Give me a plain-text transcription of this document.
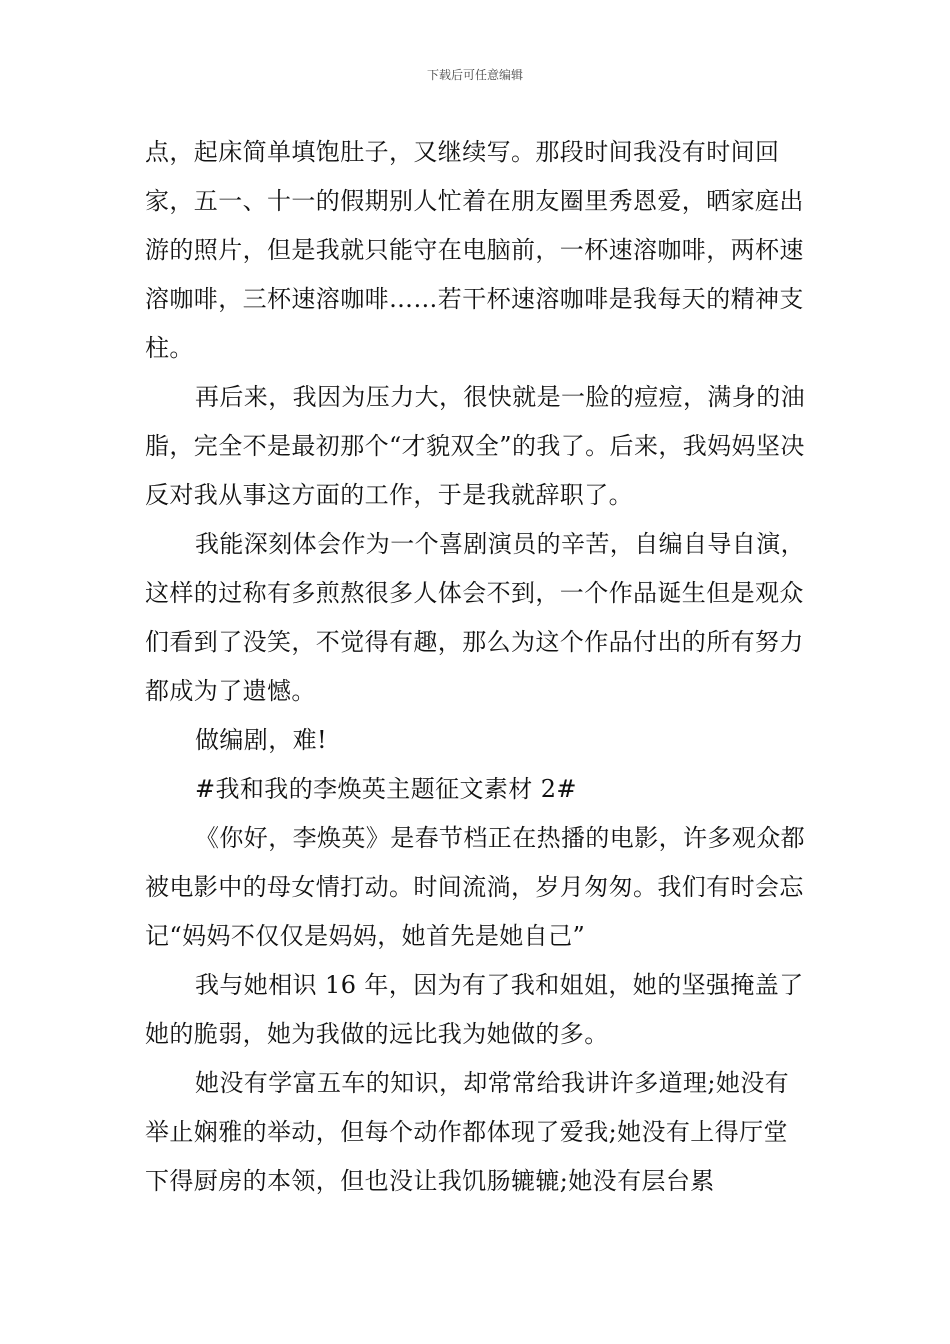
下载后可任意编辑

点，起床简单填饱肚子，又继续写。那段时间我没有时间回家，五一、十一的假期别人忙着在朋友圈里秀恩爱，晒家庭出游的照片，但是我就只能守在电脑前，一杯速溶咖啡，两杯速溶咖啡，三杯速溶咖啡……若干杯速溶咖啡是我每天的精神支柱。

再后来，我因为压力大，很快就是一脸的痘痘，满身的油脂，完全不是最初那个“才貌双全”的我了。后来，我妈妈坚决反对我从事这方面的工作，于是我就辞职了。

我能深刻体会作为一个喜剧演员的辛苦，自编自导自演，这样的过称有多煎熬很多人体会不到，一个作品诞生但是观众们看到了没笑，不觉得有趣，那么为这个作品付出的所有努力都成为了遗憾。

做编剧，难!

#我和我的李焕英主题征文素材 2#

《你好，李焕英》是春节档正在热播的电影，许多观众都被电影中的母女情打动。时间流淌，岁月匆匆。我们有时会忘记“妈妈不仅仅是妈妈，她首先是她自己”

我与她相识 16 年，因为有了我和姐姐，她的坚强掩盖了她的脆弱，她为我做的远比我为她做的多。

她没有学富五车的知识，却常常给我讲许多道理;她没有举止娴雅的举动，但每个动作都体现了爱我;她没有上得厅堂下得厨房的本领，但也没让我饥肠辘辘;她没有层台累
